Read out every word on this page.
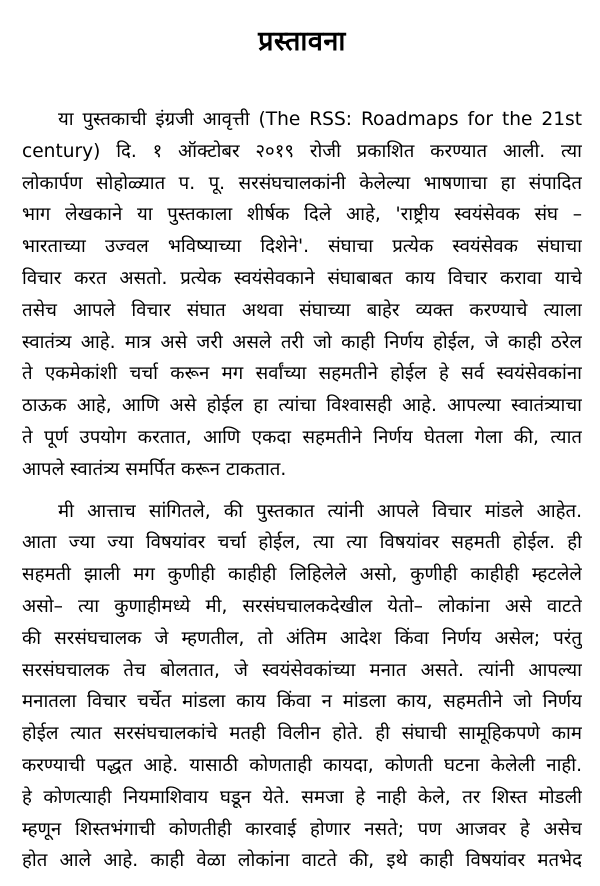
प्रस्तावना
या पुस्तकाची इंग्रजी आवृत्ती (The RSS: Roadmaps for the 21st
century) दि. १ ऑक्टोबर २०१९ रोजी प्रकाशित करण्यात आली. त्या
लोकार्पण सोहोळ्यात प. पू. सरसंघचालकांनी केलेल्या भाषणाचा हा संपादित
भाग लेखकाने या पुस्तकाला शीर्षक दिले आहे, 'राष्ट्रीय स्वयंसेवक संघ –
भारताच्या उज्वल भविष्याच्या दिशेने'. संघाचा प्रत्येक स्वयंसेवक संघाचा
विचार करत असतो. प्रत्येक स्वयंसेवकाने संघाबाबत काय विचार करावा याचे
तसेच आपले विचार संघात अथवा संघाच्या बाहेर व्यक्त करण्याचे त्याला
स्वातंत्र्य आहे. मात्र असे जरी असले तरी जो काही निर्णय होईल, जे काही ठरेल
ते एकमेकांशी चर्चा करून मग सर्वांच्या सहमतीने होईल हे सर्व स्वयंसेवकांना
ठाऊक आहे, आणि असे होईल हा त्यांचा विश्वासही आहे. आपल्या स्वातंत्र्याचा
ते पूर्ण उपयोग करतात, आणि एकदा सहमतीने निर्णय घेतला गेला की, त्यात
आपले स्वातंत्र्य समर्पित करून टाकतात.
मी आत्ताच सांगितले, की पुस्तकात त्यांनी आपले विचार मांडले आहेत.
आता ज्या ज्या विषयांवर चर्चा होईल, त्या त्या विषयांवर सहमती होईल. ही
सहमती झाली मग कुणीही काहीही लिहिलेले असो, कुणीही काहीही म्हटलेले
असो– त्या कुणाहीमध्ये मी, सरसंघचालकदेखील येतो– लोकांना असे वाटते
की सरसंघचालक जे म्हणतील, तो अंतिम आदेश किंवा निर्णय असेल; परंतु
सरसंघचालक तेच बोलतात, जे स्वयंसेवकांच्या मनात असते. त्यांनी आपल्या
मनातला विचार चर्चेत मांडला काय किंवा न मांडला काय, सहमतीने जो निर्णय
होईल त्यात सरसंघचालकांचे मतही विलीन होते. ही संघाची सामूहिकपणे काम
करण्याची पद्धत आहे. यासाठी कोणताही कायदा, कोणती घटना केलेली नाही.
हे कोणत्याही नियमाशिवाय घडून येते. समजा हे नाही केले, तर शिस्त मोडली
म्हणून शिस्तभंगाची कोणतीही कारवाई होणार नसते; पण आजवर हे असेच
होत आले आहे. काही वेळा लोकांना वाटते की, इथे काही विषयांवर मतभेद
